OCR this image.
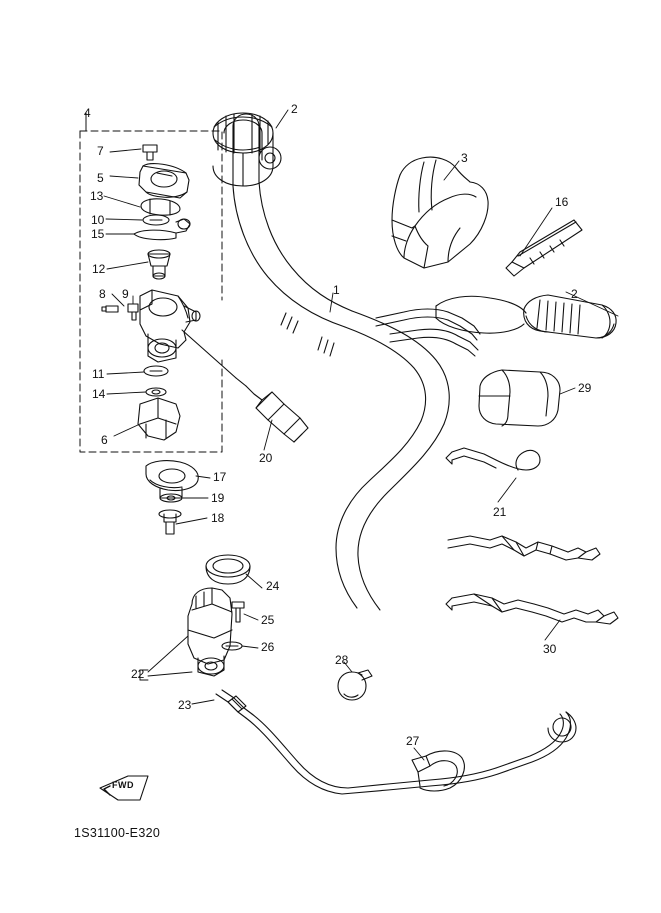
1
2
2
3
4
5
6
7
8 9
10
11
12
13
14
15
16
17
18
19
20
21
22
23
24
25
26
27
28
29
30
FWD
1S31100-E320
